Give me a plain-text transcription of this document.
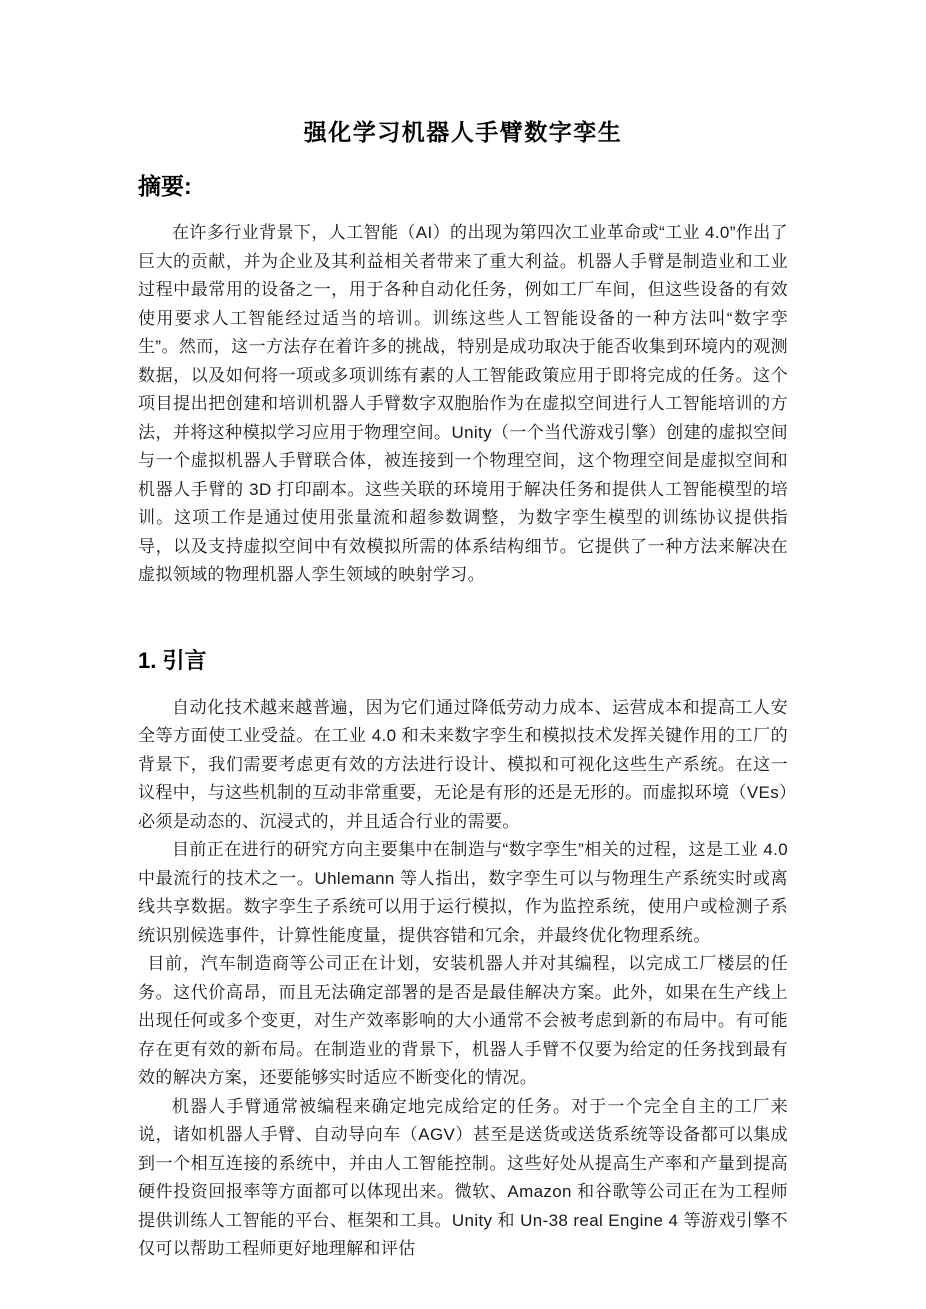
强化学习机器人手臂数字孪生
摘要:

在许多行业背景下，人工智能（AI）的出现为第四次工业革命或“工业 4.0”作出了巨大的贡献，并为企业及其利益相关者带来了重大利益。机器人手臂是制造业和工业过程中最常用的设备之一，用于各种自动化任务，例如工厂车间，但这些设备的有效使用要求人工智能经过适当的培训。训练这些人工智能设备的一种方法叫“数字孪生”。然而，这一方法存在着许多的挑战，特别是成功取决于能否收集到环境内的观测数据，以及如何将一项或多项训练有素的人工智能政策应用于即将完成的任务。这个项目提出把创建和培训机器人手臂数字双胞胎作为在虚拟空间进行人工智能培训的方法，并将这种模拟学习应用于物理空间。Unity（一个当代游戏引擎）创建的虚拟空间与一个虚拟机器人手臂联合体，被连接到一个物理空间，这个物理空间是虚拟空间和机器人手臂的 3D 打印副本。这些关联的环境用于解决任务和提供人工智能模型的培训。这项工作是通过使用张量流和超参数调整，为数字孪生模型的训练协议提供指导，以及支持虚拟空间中有效模拟所需的体系结构细节。它提供了一种方法来解决在虚拟领域的物理机器人孪生领域的映射学习。

1. 引言

自动化技术越来越普遍，因为它们通过降低劳动力成本、运营成本和提高工人安全等方面使工业受益。在工业 4.0 和未来数字孪生和模拟技术发挥关键作用的工厂的背景下，我们需要考虑更有效的方法进行设计、模拟和可视化这些生产系统。在这一议程中，与这些机制的互动非常重要，无论是有形的还是无形的。而虚拟环境（VEs）必须是动态的、沉浸式的，并且适合行业的需要。

目前正在进行的研究方向主要集中在制造与“数字孪生”相关的过程，这是工业 4.0 中最流行的技术之一。Uhlemann 等人指出，数字孪生可以与物理生产系统实时或离线共享数据。数字孪生子系统可以用于运行模拟，作为监控系统，使用户或检测子系统识别候选事件，计算性能度量，提供容错和冗余，并最终优化物理系统。

目前，汽车制造商等公司正在计划，安装机器人并对其编程，以完成工厂楼层的任务。这代价高昂，而且无法确定部署的是否是最佳解决方案。此外，如果在生产线上出现任何或多个变更，对生产效率影响的大小通常不会被考虑到新的布局中。有可能存在更有效的新布局。在制造业的背景下，机器人手臂不仅要为给定的任务找到最有效的解决方案，还要能够实时适应不断变化的情况。

机器人手臂通常被编程来确定地完成给定的任务。对于一个完全自主的工厂来说，诸如机器人手臂、自动导向车（AGV）甚至是送货或送货系统等设备都可以集成到一个相互连接的系统中，并由人工智能控制。这些好处从提高生产率和产量到提高硬件投资回报率等方面都可以体现出来。微软、Amazon 和谷歌等公司正在为工程师提供训练人工智能的平台、框架和工具。Unity 和 Un-38 real Engine 4 等游戏引擎不仅可以帮助工程师更好地理解和评估
